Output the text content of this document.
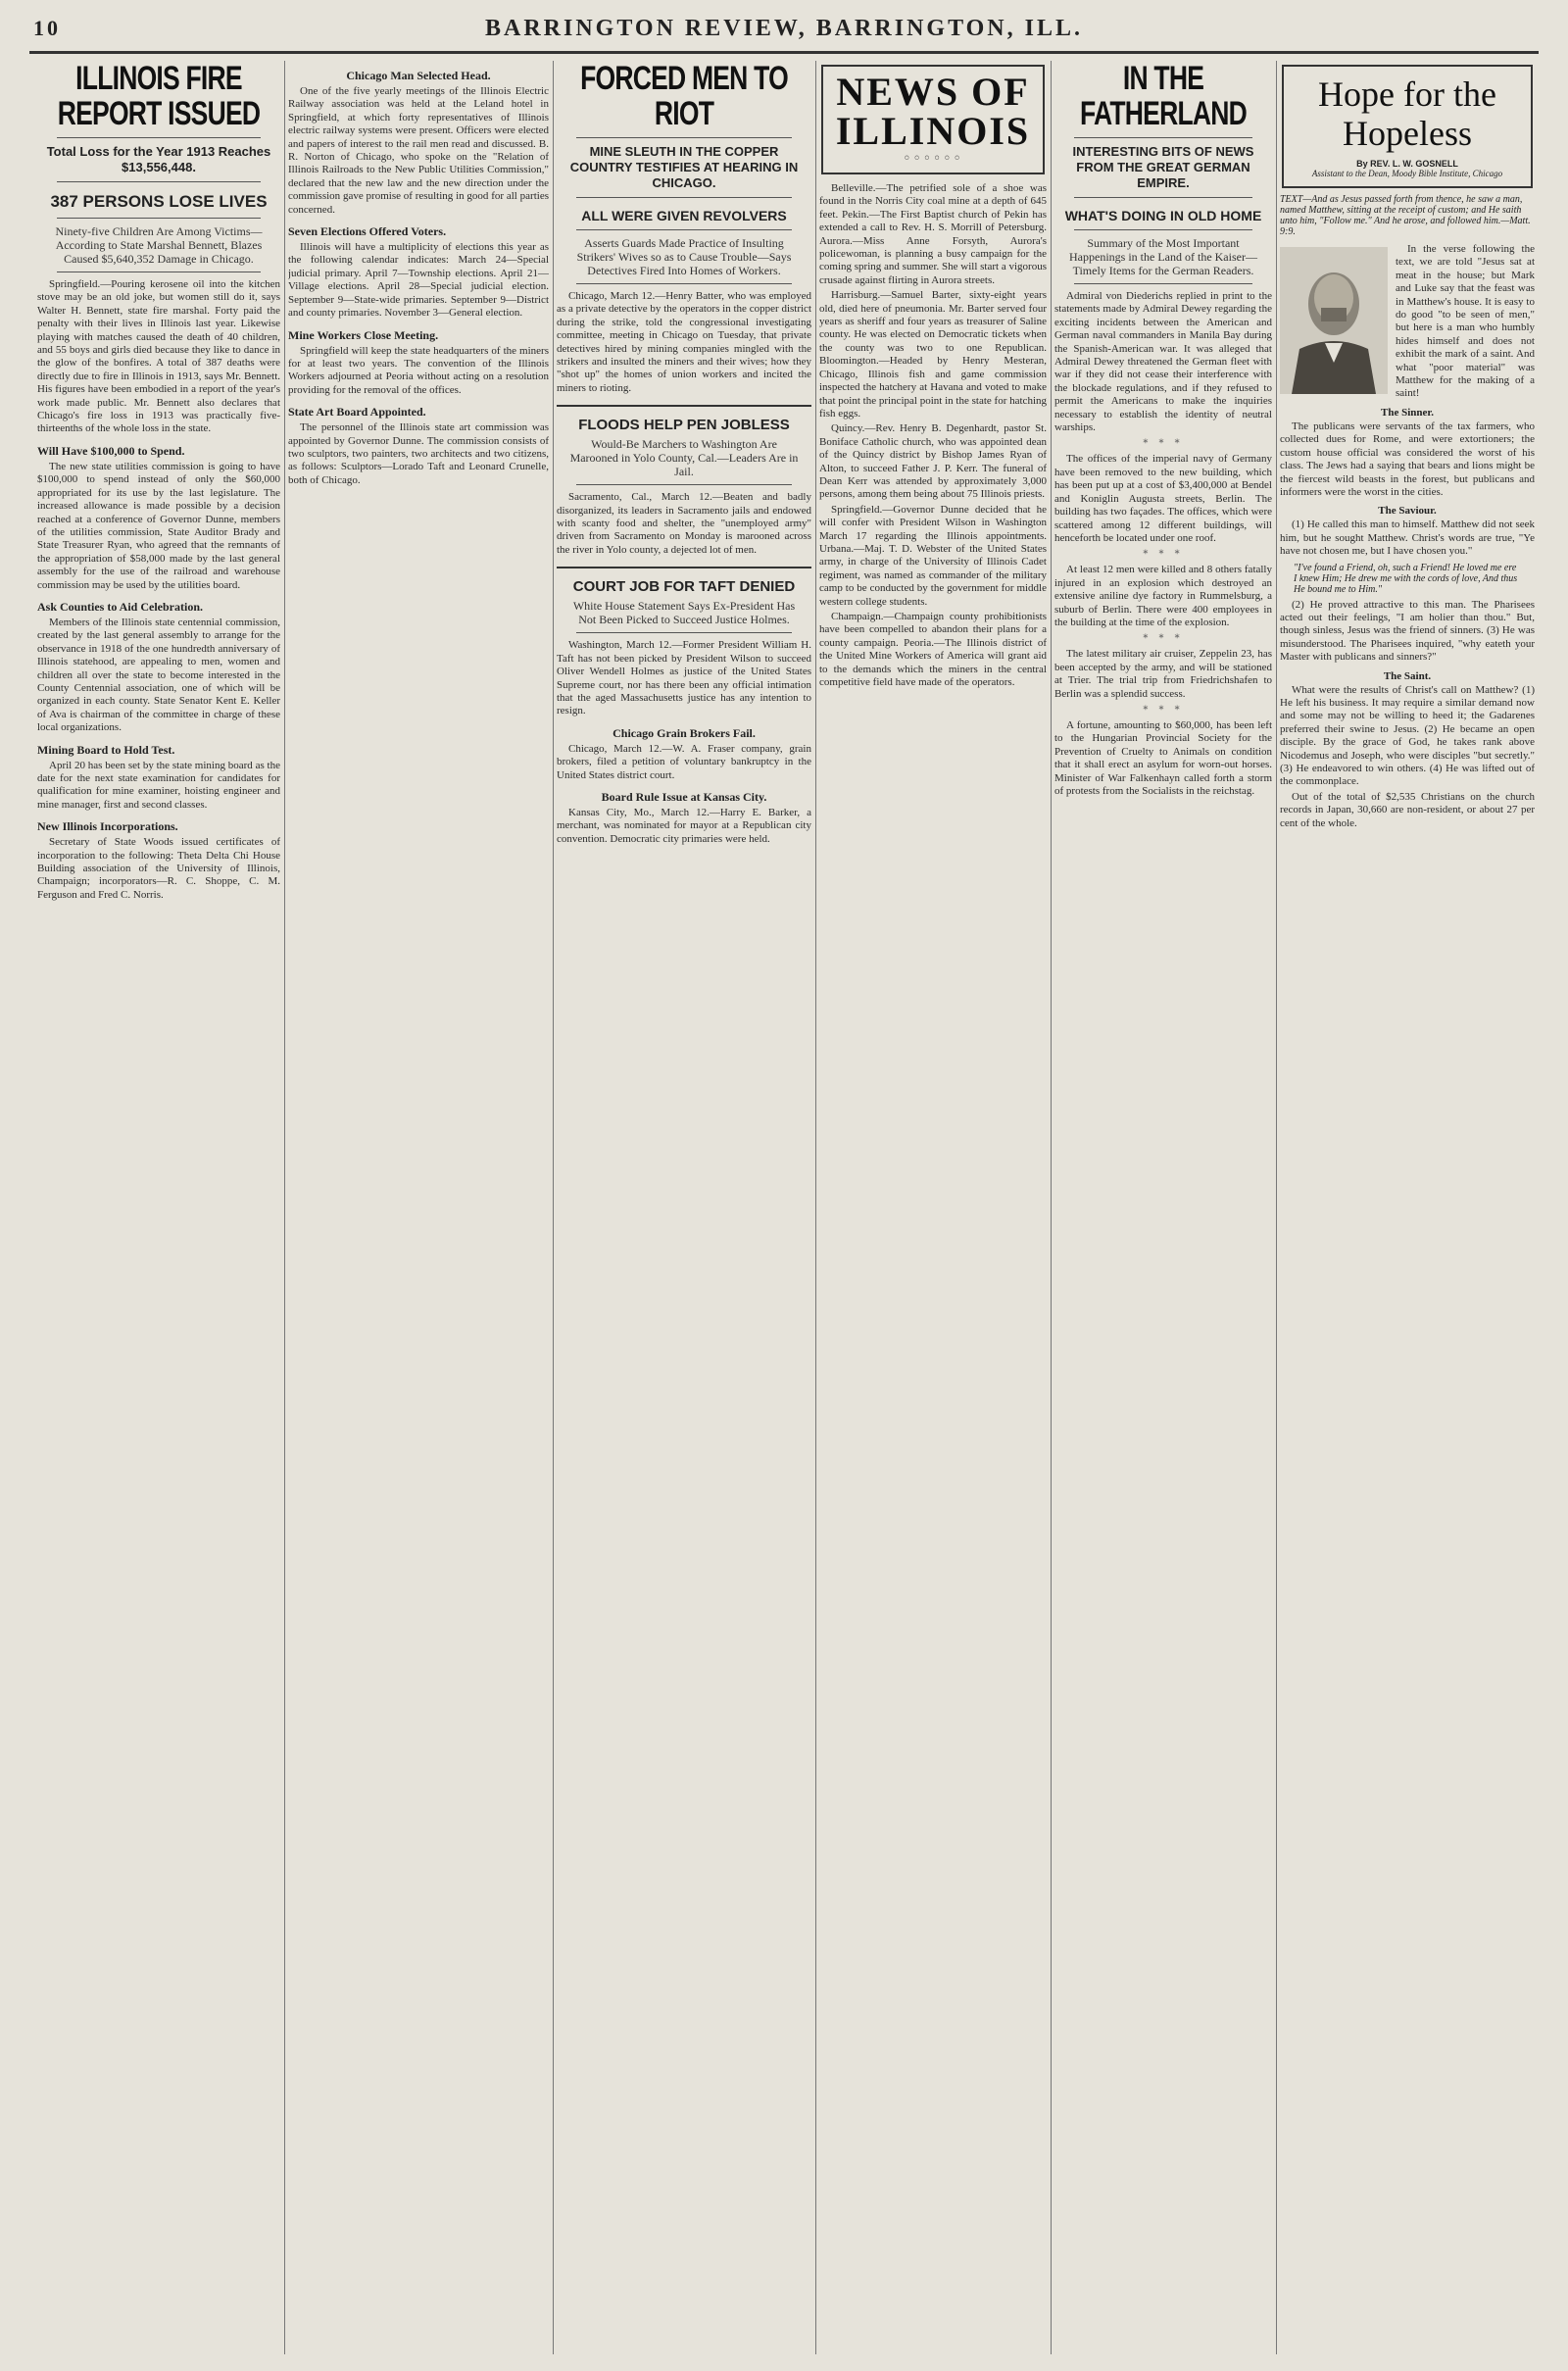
10	BARRINGTON REVIEW, BARRINGTON, ILL.
ILLINOIS FIRE REPORT ISSUED
Total Loss for the Year 1913 Reaches $13,556,448.
387 PERSONS LOSE LIVES
Ninety-five Children Are Among Victims—According to State Marshal Bennett, Blazes Caused $5,640,352 Damage in Chicago.

Springfield.—Pouring kerosene oil into the kitchen stove may be an old joke, but women still do it, says Walter H. Bennett, state fire marshal. Forty paid the penalty with their lives in Illinois last year. Likewise playing with matches caused the death of 40 children, and 55 boys and girls died because they like to dance in the glow of the bonfires. A total of 387 deaths were directly due to fire in Illinois in 1913, says Mr. Bennett. His figures have been embodied in a report of the year's work made public. Mr. Bennett also declares that Chicago's fire loss in 1913 was practically five-thirteenths of the whole loss in the state.

Will Have $100,000 to Spend.

The new state utilities commission is going to have $100,000 to spend instead of only the $60,000 appropriated for its use by the last legislature. The increased allowance is made possible by a decision reached at a conference of Governor Dunne, members of the utilities commission, State Auditor Brady and State Treasurer Ryan, who agreed that the remnants of the appropriation of $58,000 made by the last general assembly for the use of the railroad and warehouse commission may be used by the utilities board.

Ask Counties to Aid Celebration.

Members of the Illinois state centennial commission, created by the last general assembly to arrange for the observance in 1918 of the one hundredth anniversary of Illinois statehood, are appealing to men, women and children all over the state to become interested in the County Centennial association, one of which will be organized in each county. State Senator Kent E. Keller of Ava is chairman of the committee in charge of these local organizations.

Mining Board to Hold Test.

April 20 has been set by the state mining board as the date for the next state examination for candidates for qualification for mine examiner, hoisting engineer and mine manager, first and second classes.

New Illinois Incorporations.

Secretary of State Woods issued certificates of incorporation to the following: Theta Delta Chi House Building association of the University of Illinois, Champaign; incorporators—R. C. Shoppe, C. M. Ferguson and Fred C. Norris.

Chicago Man Selected Head.

One of the five yearly meetings of the Illinois Electric Railway association was held at the Leland hotel in Springfield, at which forty representatives of Illinois electric railway systems were present. Officers were elected and papers of interest to the rail men read and discussed. B. R. Norton of Chicago, who spoke on the "Relation of Illinois Railroads to the New Public Utilities Commission," declared that the new law and the new direction under the commission gave promise of resulting in good for all parties concerned.

Seven Elections Offered Voters.

Illinois will have a multiplicity of elections this year as the following calendar indicates: March 24—Special judicial primary. April 7—Township elections. April 21—Village elections. April 28—Special judicial election. September 9—State-wide primaries. September 9—District and county primaries. November 3—General election.

Mine Workers Close Meeting.

Springfield will keep the state headquarters of the miners for at least two years. The convention of the Illinois Workers adjourned at Peoria without acting on a resolution providing for the removal of the offices.

State Art Board Appointed.

The personnel of the Illinois state art commission was appointed by Governor Dunne. The commission consists of two sculptors, two painters, two architects and two citizens, as follows: Sculptors—Lorado Taft and Leonard Crunelle, both of Chicago.

FORCED MEN TO RIOT
MINE SLEUTH IN THE COPPER COUNTRY TESTIFIES AT HEARING IN CHICAGO.
ALL WERE GIVEN REVOLVERS
Asserts Guards Made Practice of Insulting Strikers' Wives so as to Cause Trouble—Says Detectives Fired Into Homes of Workers.

Chicago, March 12.—Henry Batter, who was employed as a private detective by the operators in the copper district during the strike, told the congressional investigating committee, meeting in Chicago on Tuesday, that private detectives hired by mining companies mingled with the strikers and insulted the miners and their wives; how they "shot up" the homes of union workers and incited the miners to rioting.

FLOODS HELP PEN JOBLESS
Would-Be Marchers to Washington Are Marooned in Yolo County, Cal.—Leaders Are in Jail.

Sacramento, Cal., March 12.—Beaten and badly disorganized, its leaders in Sacramento jails and endowed with scanty food and shelter, the "unemployed army" driven from Sacramento on Monday is marooned across the river in Yolo county, a dejected lot of men.

COURT JOB FOR TAFT DENIED
White House Statement Says Ex-President Has Not Been Picked to Succeed Justice Holmes.

Washington, March 12.—Former President William H. Taft has not been picked by President Wilson to succeed Oliver Wendell Holmes as justice of the United States Supreme court, nor has there been any official intimation that the aged Massachusetts justice has any intention to resign.

Chicago Grain Brokers Fail.

Chicago, March 12.—W. A. Fraser company, grain brokers, filed a petition of voluntary bankruptcy in the United States district court.

Board Rule Issue at Kansas City.

Kansas City, Mo., March 12.—Harry E. Barker, a merchant, was nominated for mayor at a Republican city convention. Democratic city primaries were held.

NEWS OF
ILLINOIS
◦◦◦◦◦◦

Belleville.—The petrified sole of a shoe was found in the Norris City coal mine at a depth of 645 feet. Pekin.—The First Baptist church of Pekin has extended a call to Rev. H. S. Morrill of Petersburg. Aurora.—Miss Anne Forsyth, Aurora's policewoman, is planning a busy campaign for the coming spring and summer. She will start a vigorous crusade against flirting in Aurora streets.

Harrisburg.—Samuel Barter, sixty-eight years old, died here of pneumonia. Mr. Barter served four years as sheriff and four years as treasurer of Saline county. He was elected on Democratic tickets when the county was two to one Republican. Bloomington.—Headed by Henry Mesteran, Chicago, Illinois fish and game commission inspected the hatchery at Havana and voted to make that point the principal point in the state for hatching fish eggs.

Quincy.—Rev. Henry B. Degenhardt, pastor St. Boniface Catholic church, who was appointed dean of the Quincy district by Bishop James Ryan of Alton, to succeed Father J. P. Kerr. The funeral of Dean Kerr was attended by approximately 3,000 persons, among them being about 75 Illinois priests.

Springfield.—Governor Dunne decided that he will confer with President Wilson in Washington March 17 regarding the Illinois appointments. Urbana.—Maj. T. D. Webster of the United States army, in charge of the University of Illinois Cadet regiment, was named as commander of the military camp to be conducted by the government for middle western college students.

Champaign.—Champaign county prohibitionists have been compelled to abandon their plans for a county campaign. Peoria.—The Illinois district of the United Mine Workers of America will grant aid to the demands which the miners in the central competitive field have made of the operators.

IN THE FATHERLAND
INTERESTING BITS OF NEWS FROM THE GREAT GERMAN EMPIRE.
WHAT'S DOING IN OLD HOME
Summary of the Most Important Happenings in the Land of the Kaiser—Timely Items for the German Readers.

Admiral von Diederichs replied in print to the statements made by Admiral Dewey regarding the exciting incidents between the American and German naval commanders in Manila Bay during the Spanish-American war. It was alleged that Admiral Dewey threatened the German fleet with war if they did not cease their interference with the blockade regulations, and if they refused to permit the Americans to make the inquiries necessary to establish the identity of neutral warships.

* * *

The offices of the imperial navy of Germany have been removed to the new building, which has been put up at a cost of $3,400,000 at Bendel and Koniglin Augusta streets, Berlin. The building has two façades. The offices, which were scattered among 12 different buildings, will henceforth be located under one roof.

* * *

At least 12 men were killed and 8 others fatally injured in an explosion which destroyed an extensive aniline dye factory in Rummelsburg, a suburb of Berlin. There were 400 employees in the building at the time of the explosion.

* * *

The latest military air cruiser, Zeppelin 23, has been accepted by the army, and will be stationed at Trier. The trial trip from Friedrichshafen to Berlin was a splendid success.

* * *

A fortune, amounting to $60,000, has been left to the Hungarian Provincial Society for the Prevention of Cruelty to Animals on condition that it shall erect an asylum for worn-out horses. Minister of War Falkenhayn called forth a storm of protests from the Socialists in the reichstag.

Hope for the
Hopeless
By REV. L. W. GOSNELL
Assistant to the Dean, Moody Bible Institute, Chicago
TEXT—And as Jesus passed forth from thence, he saw a man, named Matthew, sitting at the receipt of custom; and He saith unto him, "Follow me." And he arose, and followed him.—Matt. 9:9.

In the verse following the text, we are told "Jesus sat at meat in the house; but Mark and Luke say that the feast was in Matthew's house. It is easy to do good "to be seen of men," but here is a man who humbly hides himself and does not exhibit the mark of a saint. And what "poor material" was Matthew for the making of a saint!

The Sinner.

The publicans were servants of the tax farmers, who collected dues for Rome, and were extortioners; the custom house official was considered the worst of his class. The Jews had a saying that bears and lions might be the fiercest wild beasts in the forest, but publicans and informers were the worst in the cities.

The Saviour.

(1) He called this man to himself. Matthew did not seek him, but he sought Matthew. Christ's words are true, "Ye have not chosen me, but I have chosen you."

"I've found a Friend, oh, such a Friend! He loved me ere I knew Him; He drew me with the cords of love, And thus He bound me to Him."

(2) He proved attractive to this man. The Pharisees acted out their feelings, "I am holier than thou." But, though sinless, Jesus was the friend of sinners. (3) He was misunderstood. The Pharisees inquired, "why eateth your Master with publicans and sinners?"

The Saint.

What were the results of Christ's call on Matthew? (1) He left his business. It may require a similar demand now and some may not be willing to heed it; the Gadarenes preferred their swine to Jesus. (2) He became an open disciple. By the grace of God, he takes rank above Nicodemus and Joseph, who were disciples "but secretly." (3) He endeavored to win others. (4) He was lifted out of the commonplace.

Out of the total of $2,535 Christians on the church records in Japan, 30,660 are non-resident, or about 27 per cent of the whole.
